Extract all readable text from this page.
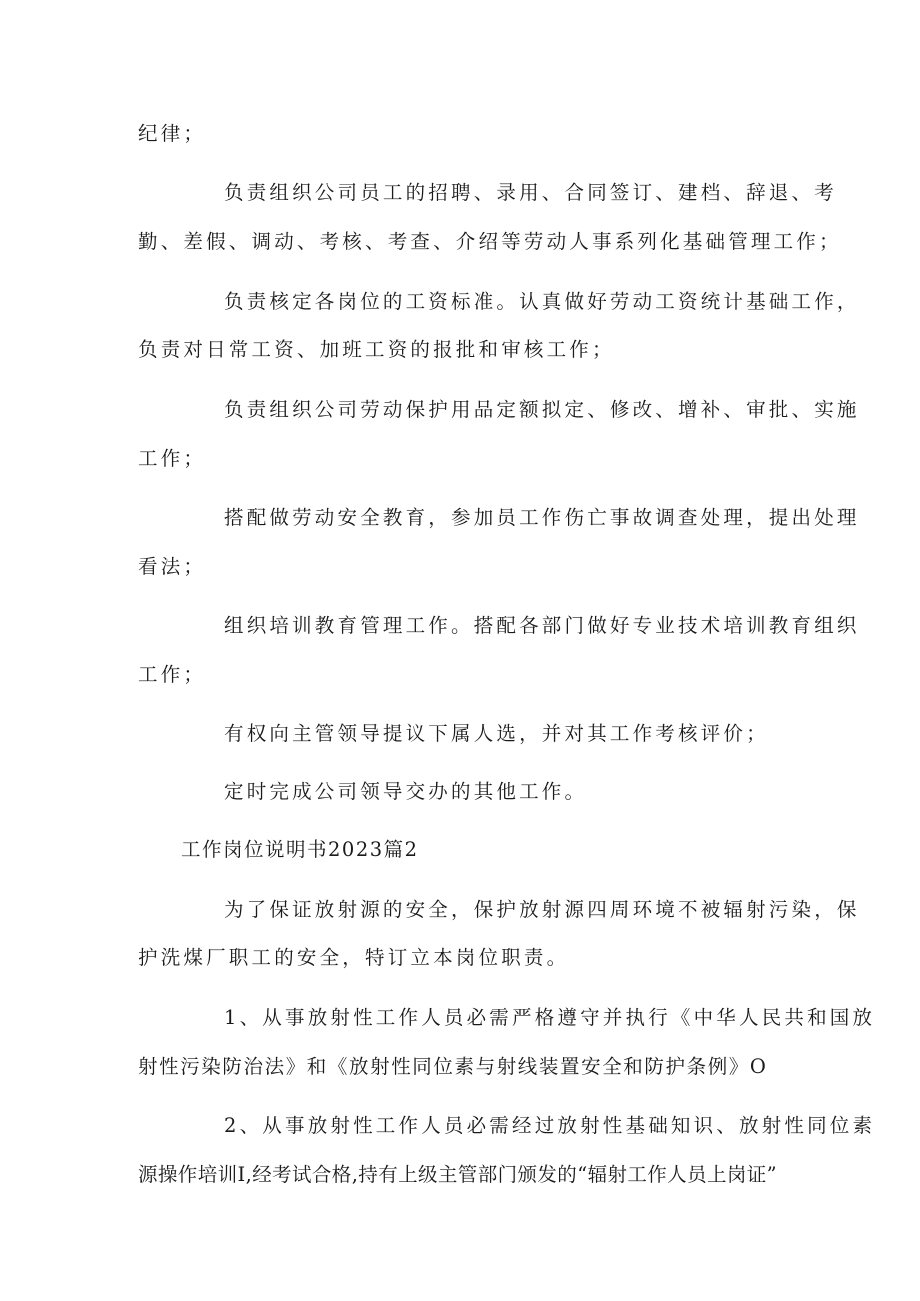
纪律；
负责组织公司员工的招聘、录用、合同签订、建档、辞退、考
勤、差假、调动、考核、考查、介绍等劳动人事系列化基础管理工作；
负责核定各岗位的工资标准。认真做好劳动工资统计基础工作，
负责对日常工资、加班工资的报批和审核工作；
负责组织公司劳动保护用品定额拟定、修改、增补、审批、实施
工作；
搭配做劳动安全教育，参加员工作伤亡事故调查处理，提出处理
看法；
组织培训教育管理工作。搭配各部门做好专业技术培训教育组织
工作；
有权向主管领导提议下属人选，并对其工作考核评价；
定时完成公司领导交办的其他工作。
工作岗位说明书2023篇2
为了保证放射源的安全，保护放射源四周环境不被辐射污染，保
护洗煤厂职工的安全，特订立本岗位职责。
1、从事放射性工作人员必需严格遵守并执行《中华人民共和国放
射性污染防治法》和《放射性同位素与射线装置安全和防护条例》O
2、从事放射性工作人员必需经过放射性基础知识、放射性同位素
源操作培训I,经考试合格,持有上级主管部门颁发的“辐射工作人员上岗证”
